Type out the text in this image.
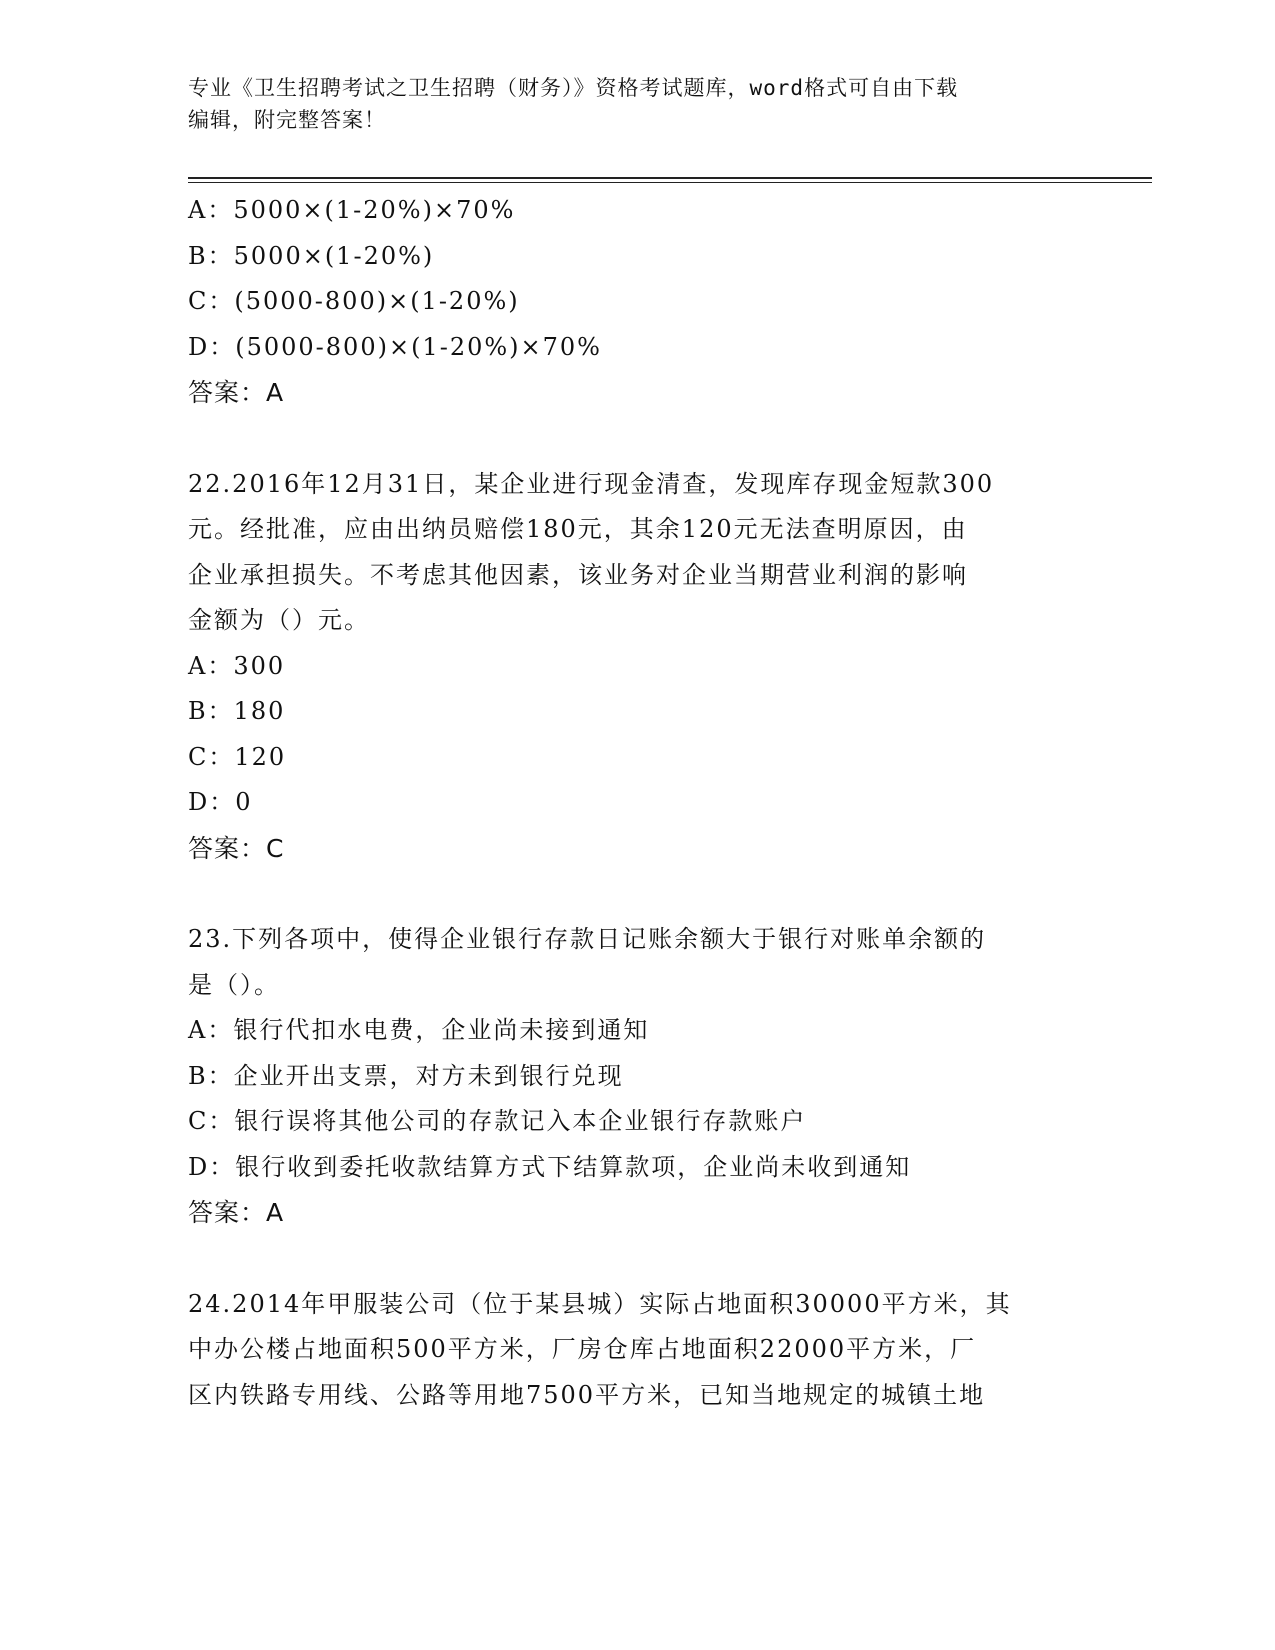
专业《卫生招聘考试之卫生招聘（财务）》资格考试题库，word格式可自由下载
编辑，附完整答案！
A：5000×(1-20%)×70%
B：5000×(1-20%)
C：(5000-800)×(1-20%)
D：(5000-800)×(1-20%)×70%
答案：A
22.2016年12月31日，某企业进行现金清查，发现库存现金短款300
元。经批准，应由出纳员赔偿180元，其余120元无法查明原因，由
企业承担损失。不考虑其他因素，该业务对企业当期营业利润的影响
金额为（）元。
A：300
B：180
C：120
D：0
答案：C
23.下列各项中，使得企业银行存款日记账余额大于银行对账单余额的
是（）。
A：银行代扣水电费，企业尚未接到通知
B：企业开出支票，对方未到银行兑现
C：银行误将其他公司的存款记入本企业银行存款账户
D：银行收到委托收款结算方式下结算款项，企业尚未收到通知
答案：A
24.2014年甲服装公司（位于某县城）实际占地面积30000平方米，其
中办公楼占地面积500平方米，厂房仓库占地面积22000平方米，厂
区内铁路专用线、公路等用地7500平方米，已知当地规定的城镇土地
